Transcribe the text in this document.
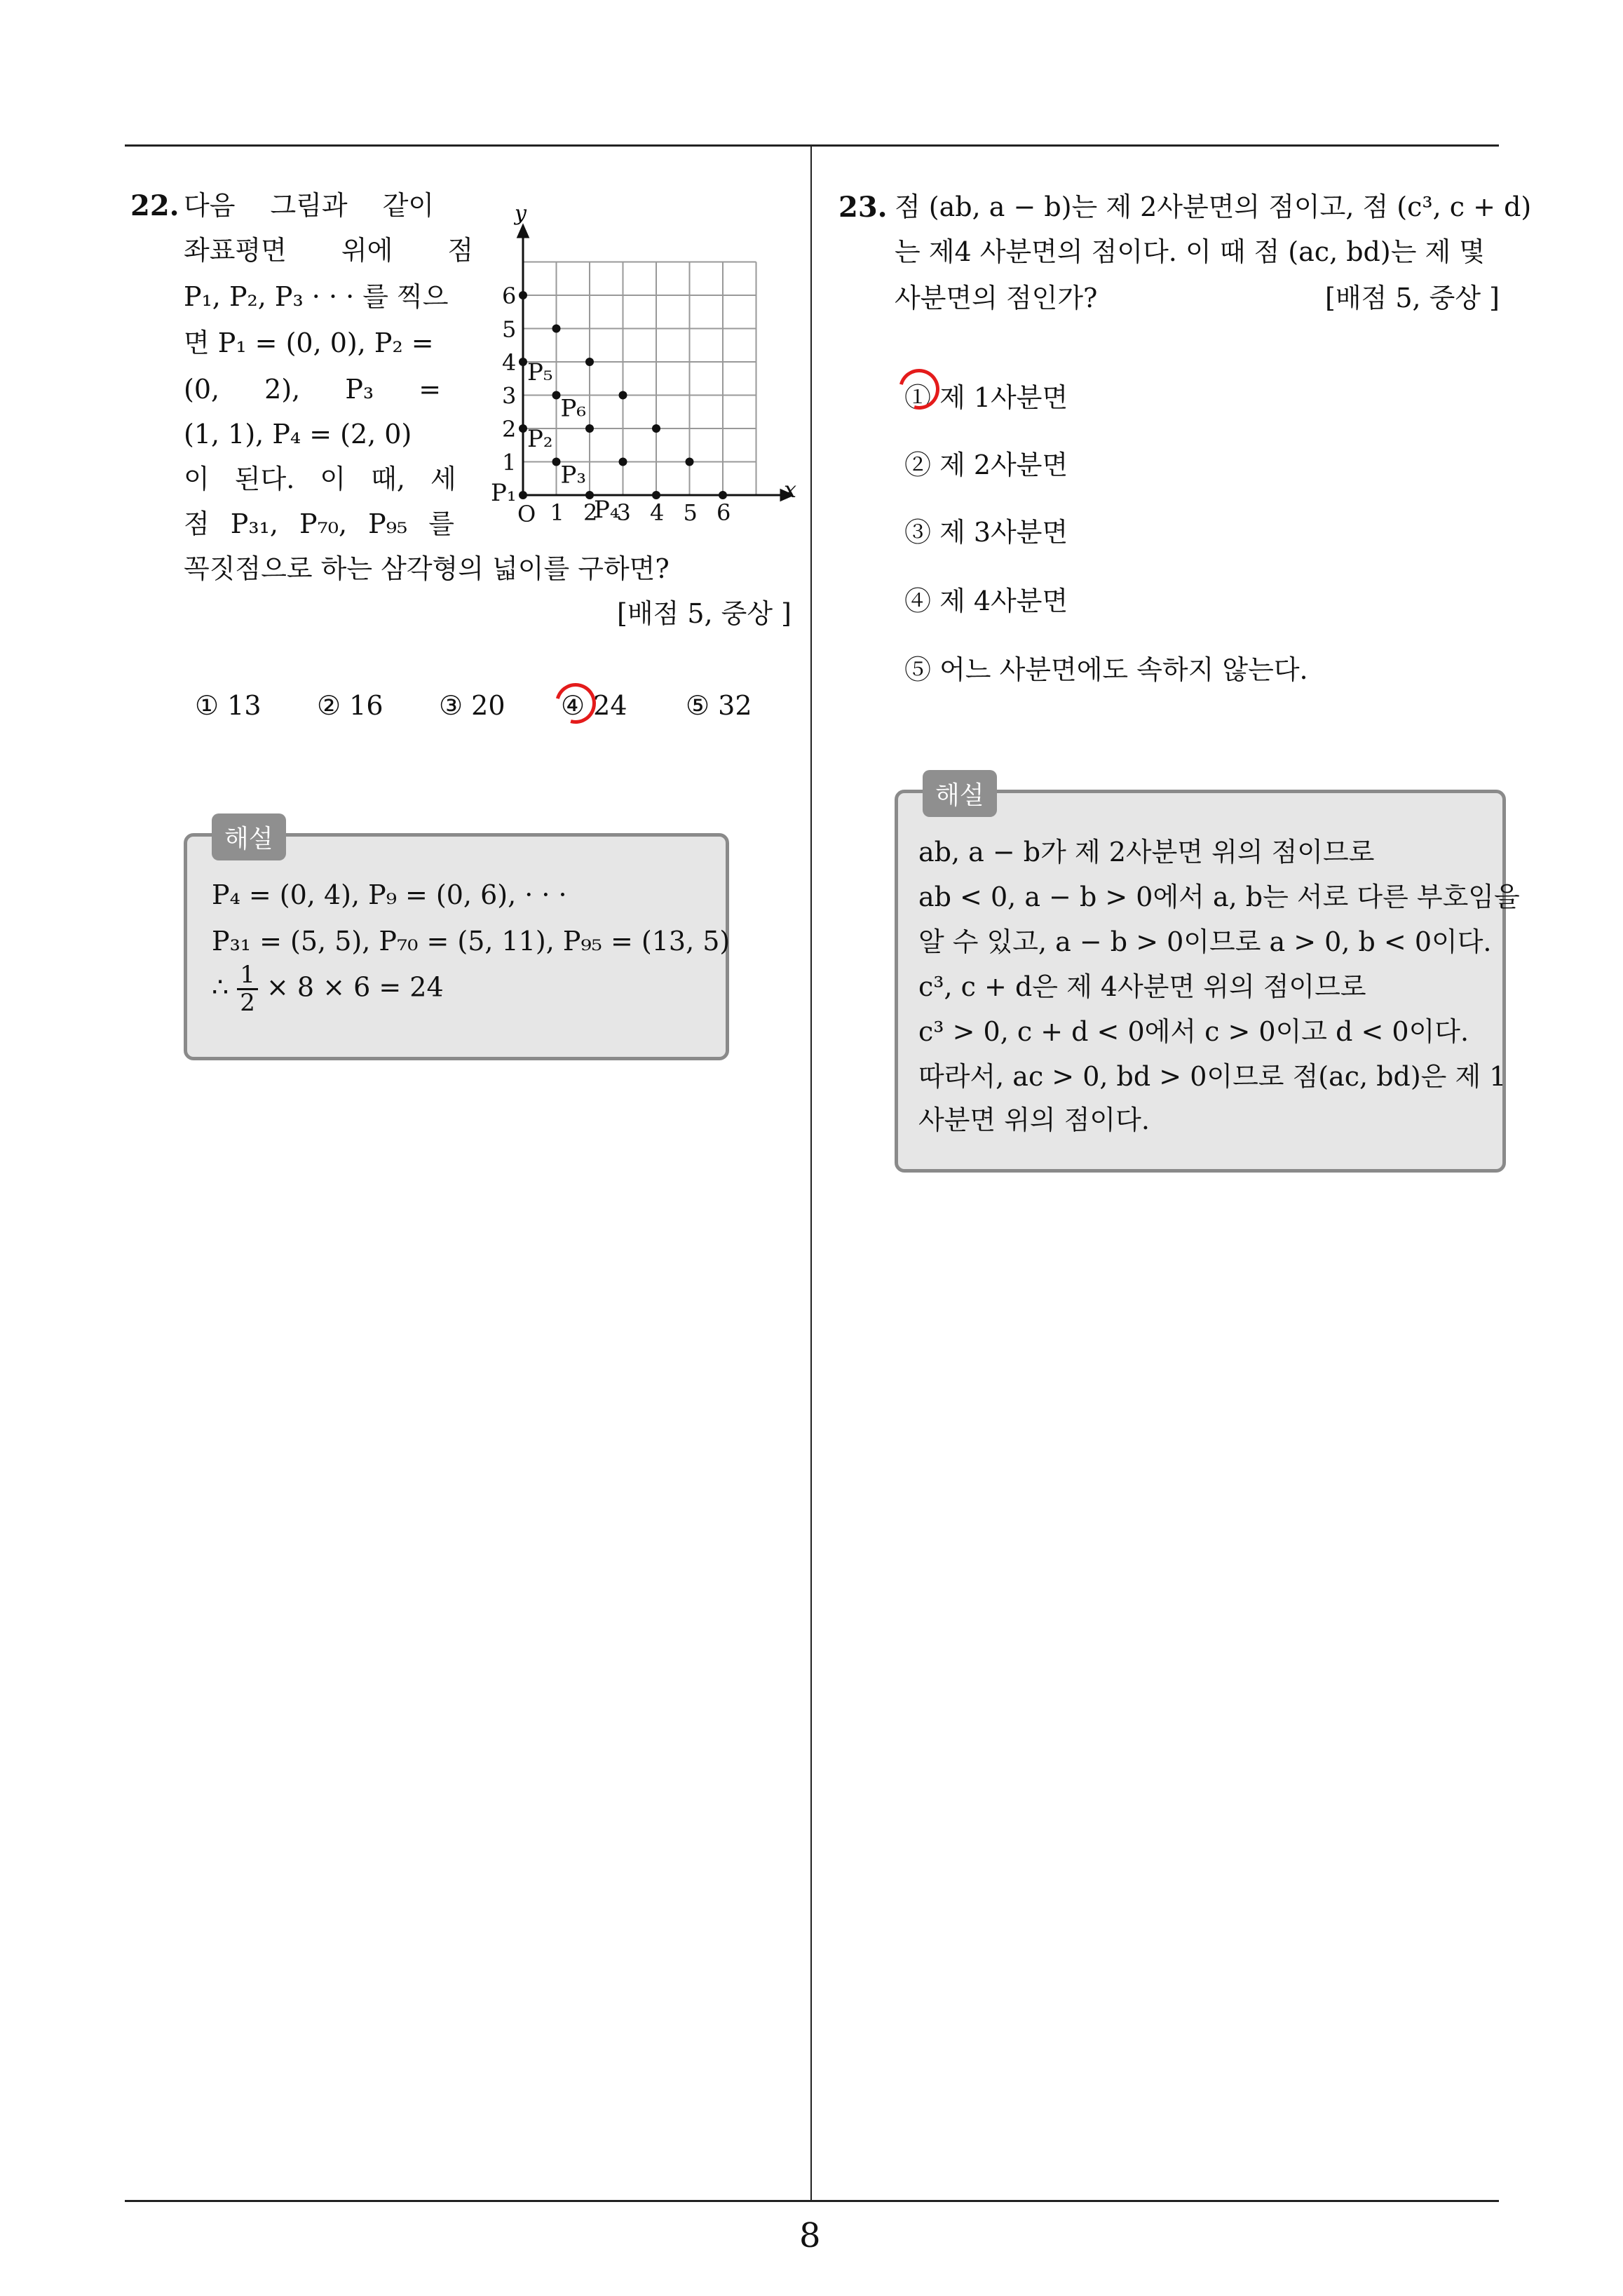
8
22. 다음 그림과 같이
좌표평면 위에 점
P₁, P₂, P₃ · · · 를 찍으
면 P₁ = (0, 0), P₂ =
(0, 2), P₃ =
(1, 1), P₄ = (2, 0)
이 된다. 이 때, 세
점 P₃₁, P₇₀, P₉₅ 를
꼭짓점으로 하는 삼각형의 넓이를 구하면?
[배점 5, 중상 ]
y
1 2 3 4 5 6
1
2
3
4
5
6
O
P₁
P₂
P₃
P₄
P₅
P₆
x
① 13 ② 16 ③ 20 ④ 24 ⑤ 32
해설
P₄ = (0, 4), P₉ = (0, 6), · · ·
P₃₁ = (5, 5), P₇₀ = (5, 11), P₉₅ = (13, 5)
∴ $\frac{1}{2} \times 8 \times 6 = 24$
23. 점 (ab, a − b)는 제 2사분면의 점이고, 점 (c³, c + d)
는 제4 사분면의 점이다. 이 때 점 (ac, bd)는 제 몇
사분면의 점인가?	[배점 5, 중상 ]
① 제 1사분면
② 제 2사분면
③ 제 3사분면
④ 제 4사분면
⑤ 어느 사분면에도 속하지 않는다.
해설
ab, a − b가 제 2사분면 위의 점이므로
ab < 0, a − b > 0에서 a, b는 서로 다른 부호임을
알 수 있고, a − b > 0이므로 a > 0, b < 0이다.
c³, c + d은 제 4사분면 위의 점이므로
c³ > 0, c + d < 0에서 c > 0이고 d < 0이다.
따라서, ac > 0, bd > 0이므로 점(ac, bd)은 제 1
사분면 위의 점이다.
